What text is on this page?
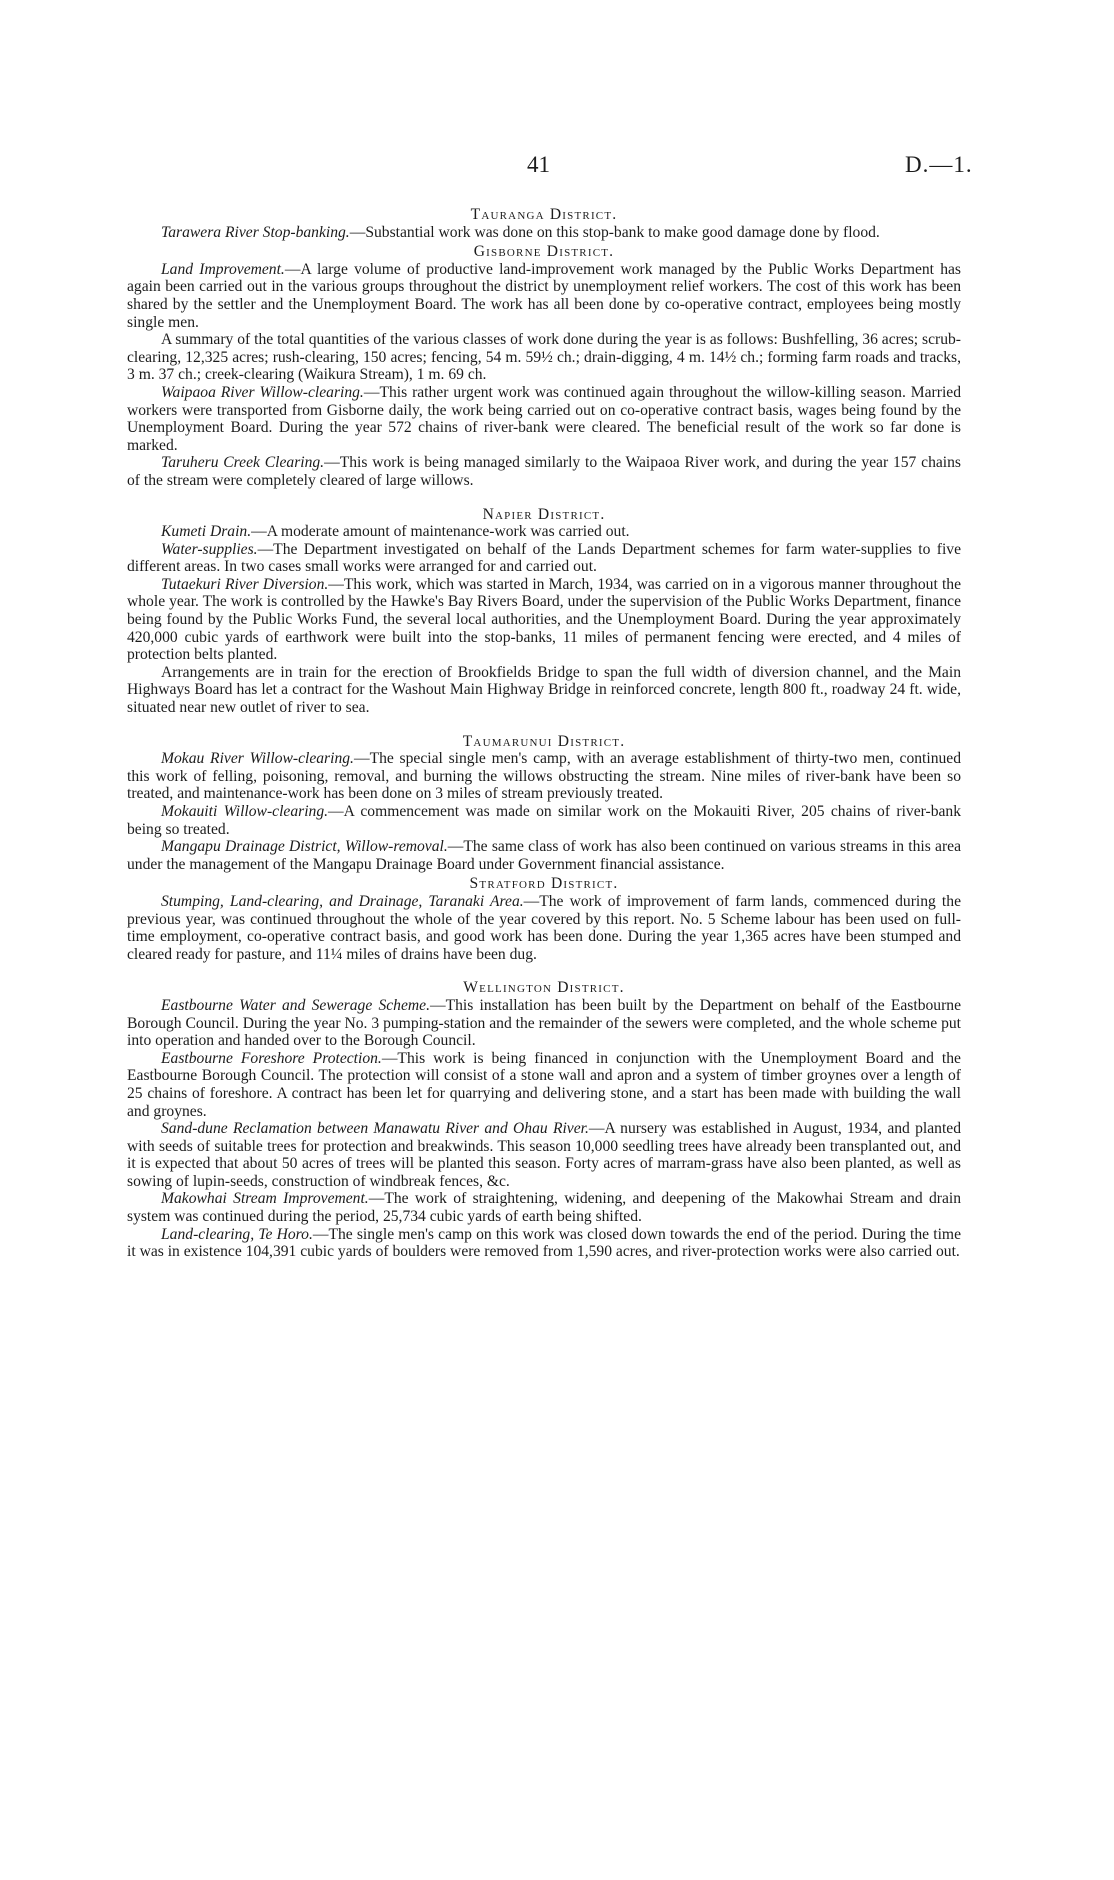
41	D.—1.
Tauranga District.

Tarawera River Stop-banking.—Substantial work was done on this stop-bank to make good damage done by flood.

Gisborne District.

Land Improvement.—A large volume of productive land-improvement work managed by the Public Works Department has again been carried out in the various groups throughout the district by unemployment relief workers. The cost of this work has been shared by the settler and the Unemployment Board. The work has all been done by co-operative contract, employees being mostly single men.

A summary of the total quantities of the various classes of work done during the year is as follows: Bushfelling, 36 acres; scrub-clearing, 12,325 acres; rush-clearing, 150 acres; fencing, 54 m. 59½ ch.; drain-digging, 4 m. 14½ ch.; forming farm roads and tracks, 3 m. 37 ch.; creek-clearing (Waikura Stream), 1 m. 69 ch.

Waipaoa River Willow-clearing.—This rather urgent work was continued again throughout the willow-killing season. Married workers were transported from Gisborne daily, the work being carried out on co-operative contract basis, wages being found by the Unemployment Board. During the year 572 chains of river-bank were cleared. The beneficial result of the work so far done is marked.

Taruheru Creek Clearing.—This work is being managed similarly to the Waipaoa River work, and during the year 157 chains of the stream were completely cleared of large willows.

Napier District.

Kumeti Drain.—A moderate amount of maintenance-work was carried out.

Water-supplies.—The Department investigated on behalf of the Lands Department schemes for farm water-supplies to five different areas. In two cases small works were arranged for and carried out.

Tutaekuri River Diversion.—This work, which was started in March, 1934, was carried on in a vigorous manner throughout the whole year. The work is controlled by the Hawke's Bay Rivers Board, under the supervision of the Public Works Department, finance being found by the Public Works Fund, the several local authorities, and the Unemployment Board. During the year approximately 420,000 cubic yards of earthwork were built into the stop-banks, 11 miles of permanent fencing were erected, and 4 miles of protection belts planted.

Arrangements are in train for the erection of Brookfields Bridge to span the full width of diversion channel, and the Main Highways Board has let a contract for the Washout Main Highway Bridge in reinforced concrete, length 800 ft., roadway 24 ft. wide, situated near new outlet of river to sea.

Taumarunui District.

Mokau River Willow-clearing.—The special single men's camp, with an average establishment of thirty-two men, continued this work of felling, poisoning, removal, and burning the willows obstructing the stream. Nine miles of river-bank have been so treated, and maintenance-work has been done on 3 miles of stream previously treated.

Mokauiti Willow-clearing.—A commencement was made on similar work on the Mokauiti River, 205 chains of river-bank being so treated.

Mangapu Drainage District, Willow-removal.—The same class of work has also been continued on various streams in this area under the management of the Mangapu Drainage Board under Government financial assistance.

Stratford District.

Stumping, Land-clearing, and Drainage, Taranaki Area.—The work of improvement of farm lands, commenced during the previous year, was continued throughout the whole of the year covered by this report. No. 5 Scheme labour has been used on full-time employment, co-operative contract basis, and good work has been done. During the year 1,365 acres have been stumped and cleared ready for pasture, and 11¼ miles of drains have been dug.

Wellington District.

Eastbourne Water and Sewerage Scheme.—This installation has been built by the Department on behalf of the Eastbourne Borough Council. During the year No. 3 pumping-station and the remainder of the sewers were completed, and the whole scheme put into operation and handed over to the Borough Council.

Eastbourne Foreshore Protection.—This work is being financed in conjunction with the Unemployment Board and the Eastbourne Borough Council. The protection will consist of a stone wall and apron and a system of timber groynes over a length of 25 chains of foreshore. A contract has been let for quarrying and delivering stone, and a start has been made with building the wall and groynes.

Sand-dune Reclamation between Manawatu River and Ohau River.—A nursery was established in August, 1934, and planted with seeds of suitable trees for protection and breakwinds. This season 10,000 seedling trees have already been transplanted out, and it is expected that about 50 acres of trees will be planted this season. Forty acres of marram-grass have also been planted, as well as sowing of lupin-seeds, construction of windbreak fences, &c.

Makowhai Stream Improvement.—The work of straightening, widening, and deepening of the Makowhai Stream and drain system was continued during the period, 25,734 cubic yards of earth being shifted.

Land-clearing, Te Horo.—The single men's camp on this work was closed down towards the end of the period. During the time it was in existence 104,391 cubic yards of boulders were removed from 1,590 acres, and river-protection works were also carried out.
